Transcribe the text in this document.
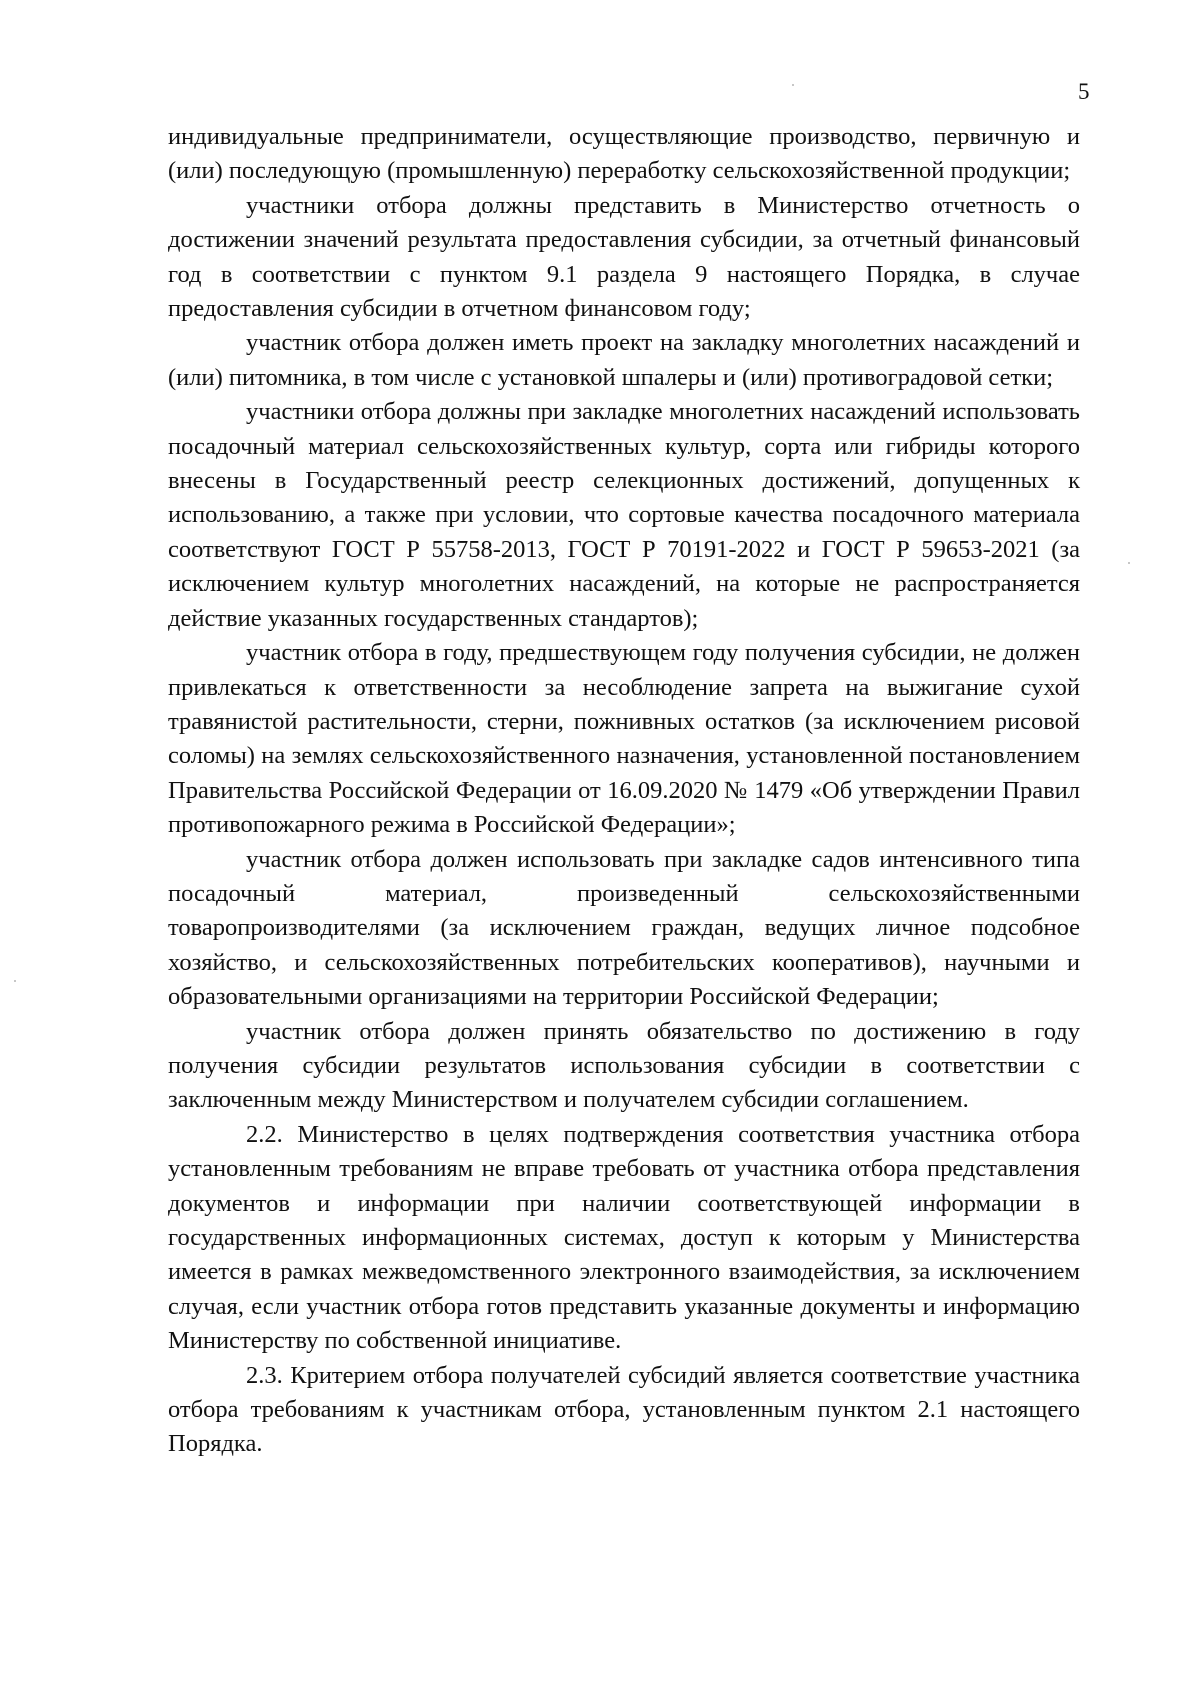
5

индивидуальные предприниматели, осуществляющие производство, первичную и (или) последующую (промышленную) переработку сельскохозяйственной продукции;

участники отбора должны представить в Министерство отчетность о достижении значений результата предоставления субсидии, за отчетный финансовый год в соответствии с пунктом 9.1 раздела 9 настоящего Порядка, в случае предоставления субсидии в отчетном финансовом году;

участник отбора должен иметь проект на закладку многолетних насаждений и (или) питомника, в том числе с установкой шпалеры и (или) противоградовой сетки;

участники отбора должны при закладке многолетних насаждений использовать посадочный материал сельскохозяйственных культур, сорта или гибриды которого внесены в Государственный реестр селекционных достижений, допущенных к использованию, а также при условии, что сортовые качества посадочного материала соответствуют ГОСТ Р 55758-2013, ГОСТ Р 70191-2022 и ГОСТ Р 59653-2021 (за исключением культур многолетних насаждений, на которые не распространяется действие указанных государственных стандартов);

участник отбора в году, предшествующем году получения субсидии, не должен привлекаться к ответственности за несоблюдение запрета на выжигание сухой травянистой растительности, стерни, пожнивных остатков (за исключением рисовой соломы) на землях сельскохозяйственного назначения, установленной постановлением Правительства Российской Федерации от 16.09.2020 № 1479 «Об утверждении Правил противопожарного режима в Российской Федерации»;

участник отбора должен использовать при закладке садов интенсивного типа посадочный материал, произведенный сельскохозяйственными товаропроизводителями (за исключением граждан, ведущих личное подсобное хозяйство, и сельскохозяйственных потребительских кооперативов), научными и образовательными организациями на территории Российской Федерации;

участник отбора должен принять обязательство по достижению в году получения субсидии результатов использования субсидии в соответствии с заключенным между Министерством и получателем субсидии соглашением.

2.2. Министерство в целях подтверждения соответствия участника отбора установленным требованиям не вправе требовать от участника отбора представления документов и информации при наличии соответствующей информации в государственных информационных системах, доступ к которым у Министерства имеется в рамках межведомственного электронного взаимодействия, за исключением случая, если участник отбора готов представить указанные документы и информацию Министерству по собственной инициативе.

2.3. Критерием отбора получателей субсидий является соответствие участника отбора требованиям к участникам отбора, установленным пунктом 2.1 настоящего Порядка.
